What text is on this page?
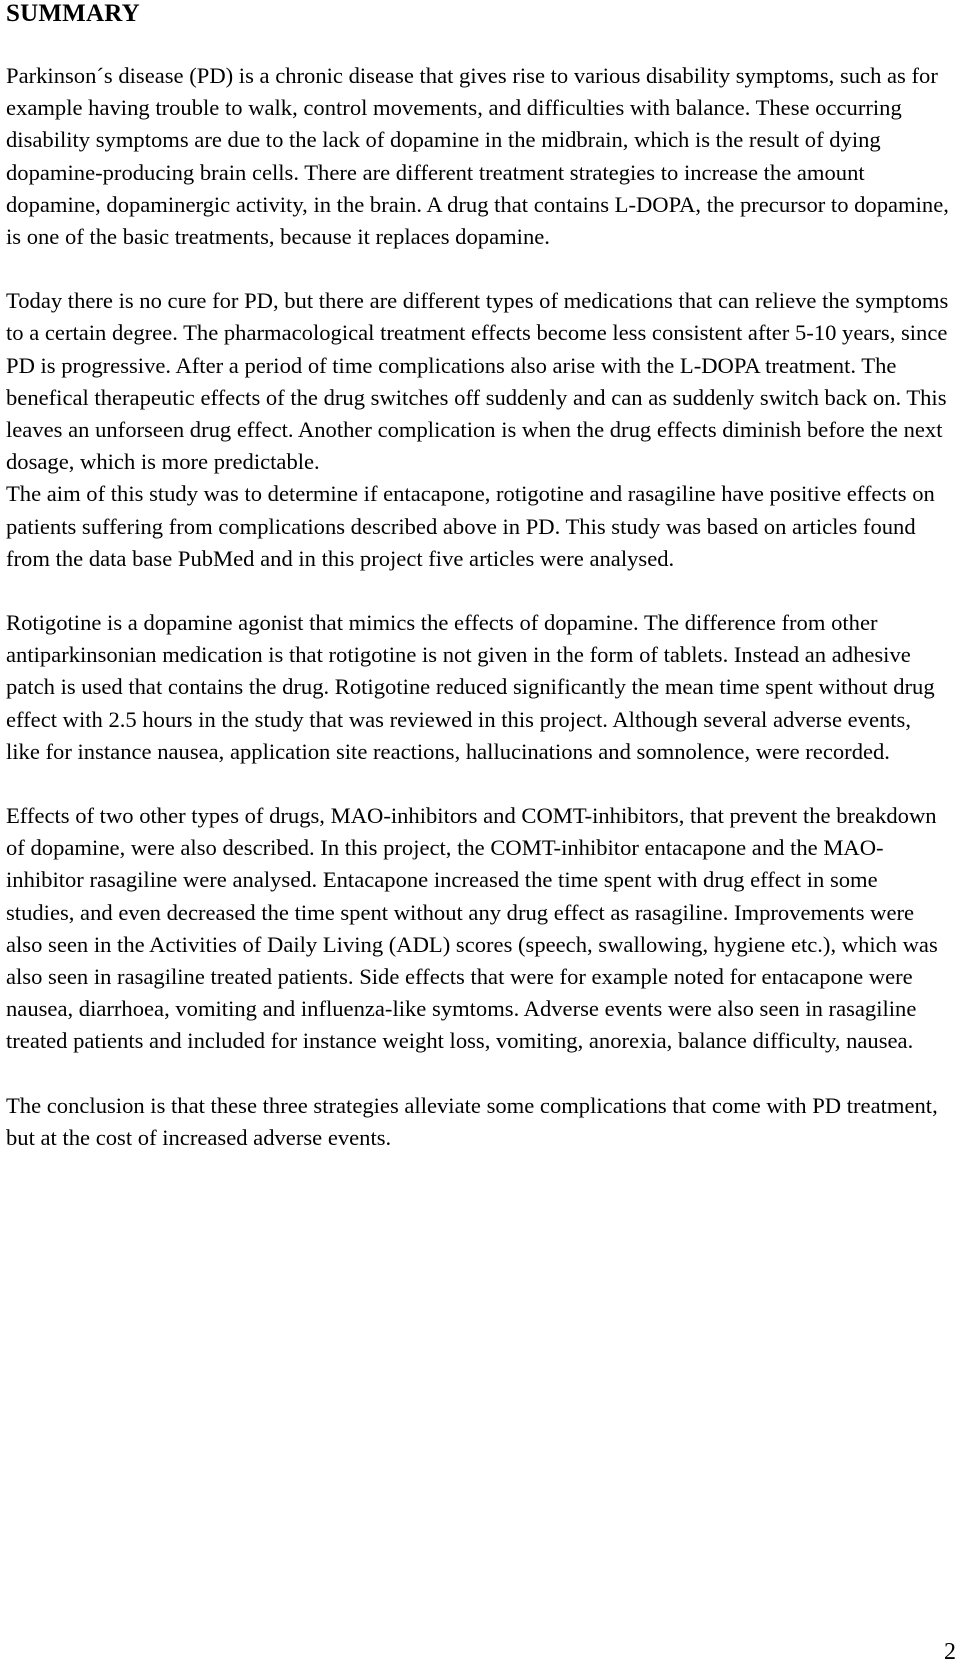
SUMMARY

Parkinson´s disease (PD) is a chronic disease that gives rise to various disability symptoms, such as for example having trouble to walk, control movements, and difficulties with balance. These occurring disability symptoms are due to the lack of dopamine in the midbrain, which is the result of dying dopamine-producing brain cells. There are different treatment strategies to increase the amount dopamine, dopaminergic activity, in the brain. A drug that contains L-DOPA, the precursor to dopamine, is one of the basic treatments, because it replaces dopamine.

Today there is no cure for PD, but there are different types of medications that can relieve the symptoms to a certain degree. The pharmacological treatment effects become less consistent after 5-10 years, since PD is progressive. After a period of time complications also arise with the L-DOPA treatment. The benefical therapeutic effects of the drug switches off suddenly and can as suddenly switch back on. This leaves an unforseen drug effect. Another complication is when the drug effects diminish before the next dosage, which is more predictable.

The aim of this study was to determine if entacapone, rotigotine and rasagiline have positive effects on patients suffering from complications described above in PD. This study was based on articles found from the data base PubMed and in this project five articles were analysed.

Rotigotine is a dopamine agonist that mimics the effects of dopamine. The difference from other antiparkinsonian medication is that rotigotine is not given in the form of tablets. Instead an adhesive patch is used that contains the drug. Rotigotine reduced significantly the mean time spent without drug effect with 2.5 hours in the study that was reviewed in this project. Although several adverse events, like for instance nausea, application site reactions, hallucinations and somnolence, were recorded.

Effects of two other types of drugs, MAO-inhibitors and COMT-inhibitors, that prevent the breakdown of dopamine, were also described. In this project, the COMT-inhibitor entacapone and the MAO-inhibitor rasagiline were analysed. Entacapone increased the time spent with drug effect in some studies, and even decreased the time spent without any drug effect as rasagiline. Improvements were also seen in the Activities of Daily Living (ADL) scores (speech, swallowing, hygiene etc.), which was also seen in rasagiline treated patients. Side effects that were for example noted for entacapone were nausea, diarrhoea, vomiting and influenza-like symtoms. Adverse events were also seen in rasagiline treated patients and included for instance weight loss, vomiting, anorexia, balance difficulty, nausea.

The conclusion is that these three strategies alleviate some complications that come with PD treatment, but at the cost of increased adverse events.

2
